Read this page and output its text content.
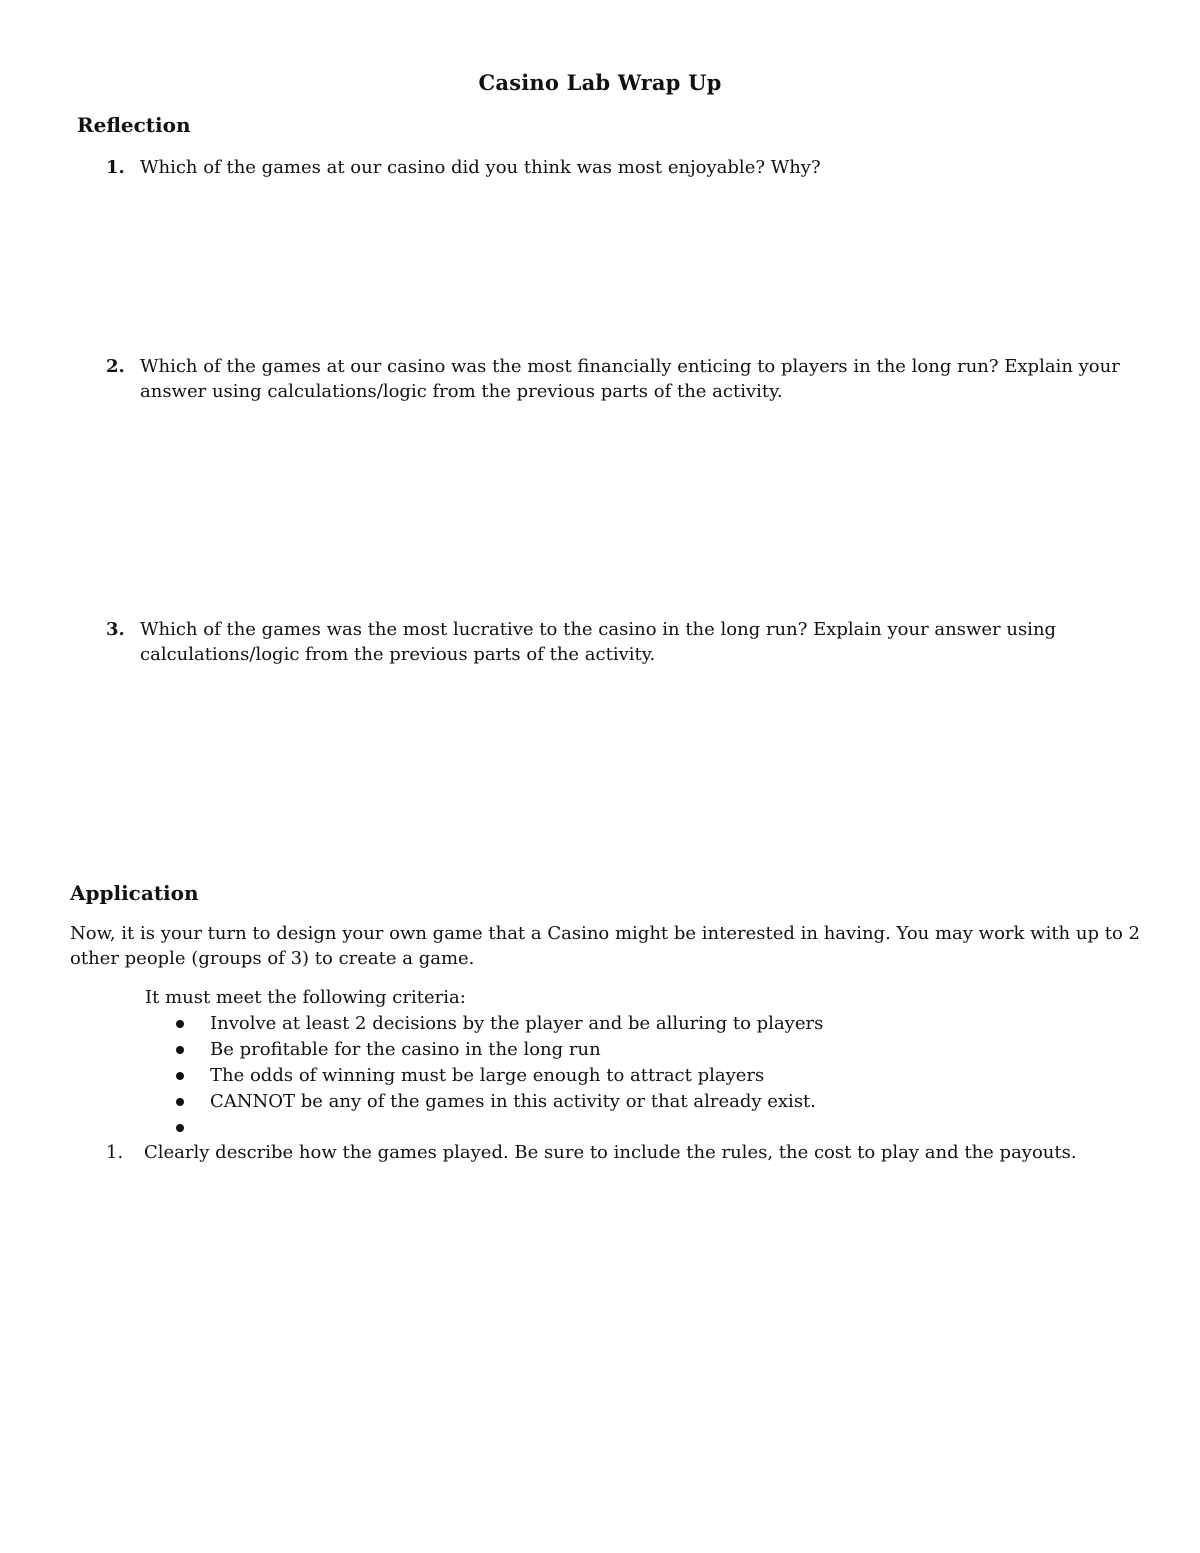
Casino Lab Wrap Up
Reflection
1. Which of the games at our casino did you think was most enjoyable? Why?
2. Which of the games at our casino was the most financially enticing to players in the long run? Explain your
answer using calculations/logic from the previous parts of the activity.
3. Which of the games was the most lucrative to the casino in the long run? Explain your answer using
calculations/logic from the previous parts of the activity.
Application
Now, it is your turn to design your own game that a Casino might be interested in having. You may work with up to 2
other people (groups of 3) to create a game.
It must meet the following criteria:
Involve at least 2 decisions by the player and be alluring to players
Be profitable for the casino in the long run
The odds of winning must be large enough to attract players
CANNOT be any of the games in this activity or that already exist.
1. Clearly describe how the games played. Be sure to include the rules, the cost to play and the payouts.
